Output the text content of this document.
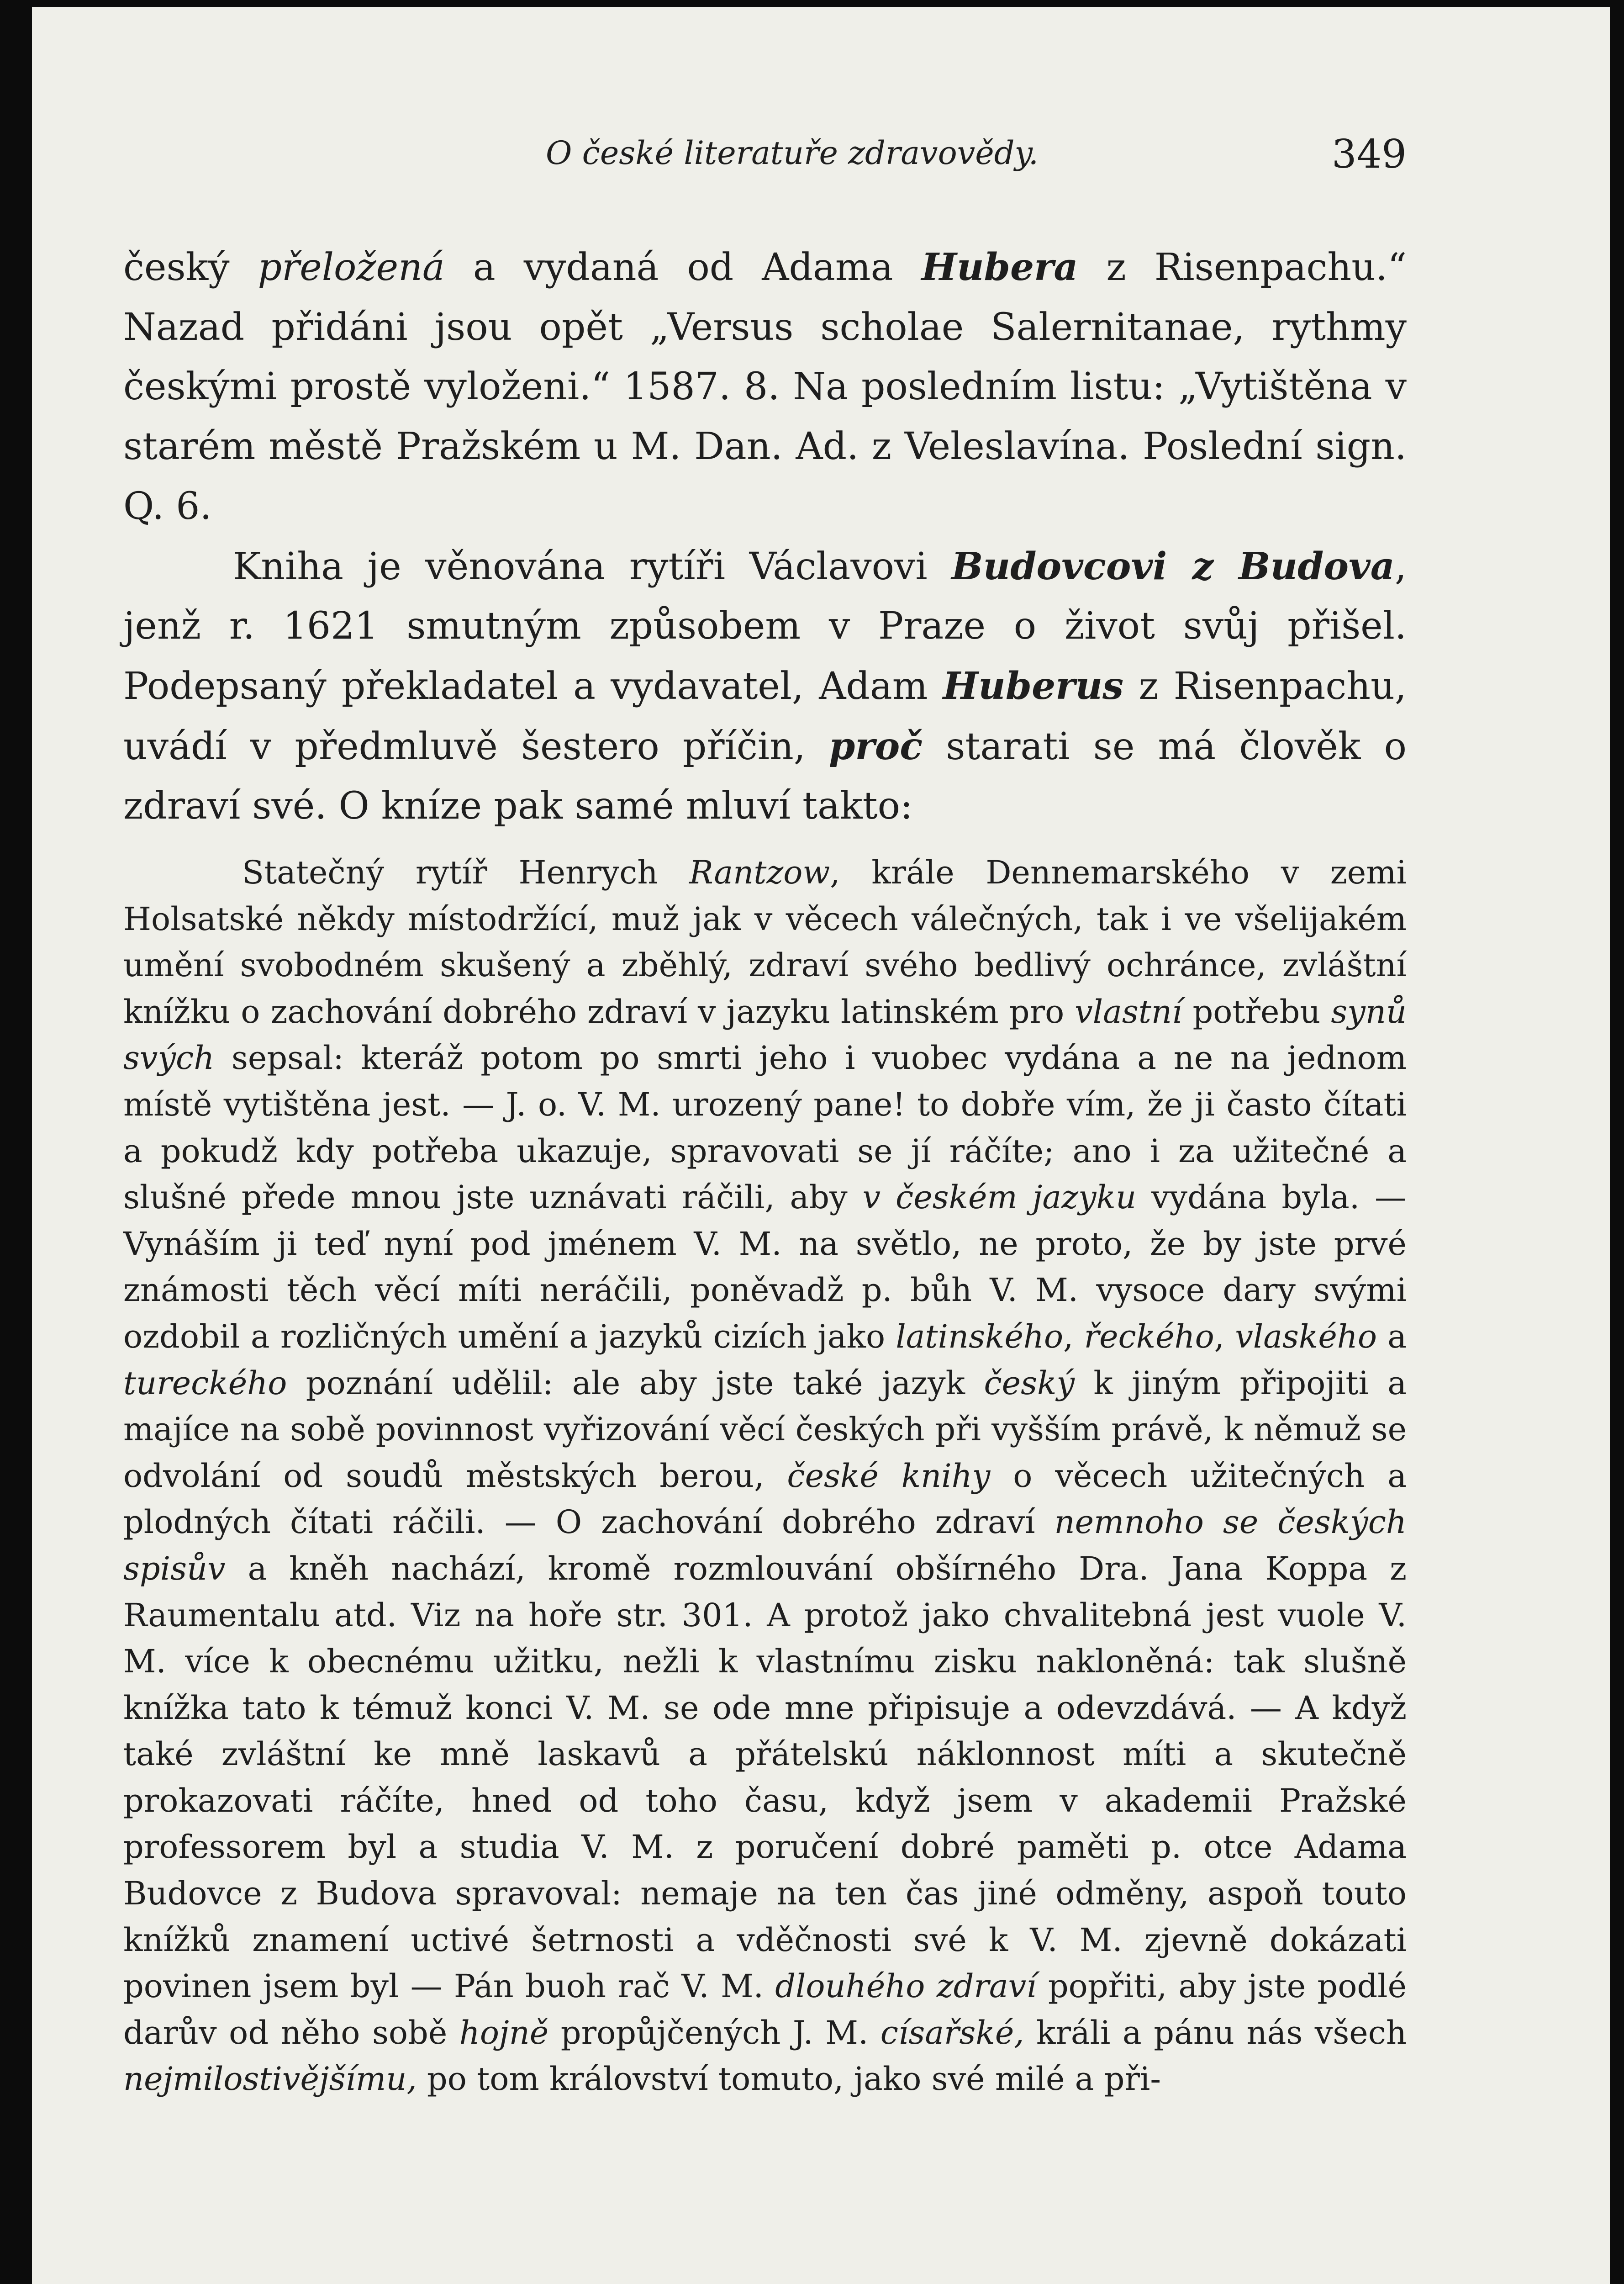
O české literatuře zdravovědy.	349

český přeložená a vydaná od Adama Hubera z Risenpachu.“ Nazad přidáni jsou opět „Versus scholae Salernitanae, rythmy českými prostě vyloženi.“ 1587. 8. Na posledním listu: „Vytištěna v starém městě Pražském u M. Dan. Ad. z Veleslavína. Poslední sign. Q. 6.

Kniha je věnována rytíři Václavovi Budovcovi z Budova, jenž r. 1621 smutným způsobem v Praze o život svůj přišel. Podepsaný překladatel a vydavatel, Adam Huberus z Risenpachu, uvádí v předmluvě šestero příčin, proč starati se má člověk o zdraví své. O kníze pak samé mluví takto:

Statečný rytíř Henrych Rantzow, krále Dennemarského v zemi Holsatské někdy místodržící, muž jak v věcech válečných, tak i ve všelijakém umění svobodném skušený a zběhlý, zdraví svého bedlivý ochránce, zvláštní knížku o zachování dobrého zdraví v jazyku latinském pro vlastní potřebu synů svých sepsal: kteráž potom po smrti jeho i vuobec vydána a ne na jednom místě vytištěna jest. — J. o. V. M. urozený pane! to dobře vím, že ji často čítati a pokudž kdy potřeba ukazuje, spravovati se jí ráčíte; ano i za užitečné a slušné přede mnou jste uznávati ráčili, aby v českém jazyku vydána byla. — Vynáším ji teď nyní pod jménem V. M. na světlo, ne proto, že by jste prvé známosti těch věcí míti neráčili, poněvadž p. bůh V. M. vysoce dary svými ozdobil a rozličných umění a jazyků cizích jako latinského, řeckého, vlaského a tureckého poznání udělil: ale aby jste také jazyk český k jiným připojiti a majíce na sobě povinnost vyřizování věcí českých při vyšším právě, k němuž se odvolání od soudů městských berou, české knihy o věcech užitečných a plodných čítati ráčili. — O zachování dobrého zdraví nemnoho se českých spisův a kněh nachází, kromě rozmlouvání obšírného Dra. Jana Koppa z Raumentalu atd. Viz na hoře str. 301. A protož jako chvalitebná jest vuole V. M. více k obecnému užitku, nežli k vlastnímu zisku nakloněná: tak slušně knížka tato k témuž konci V. M. se ode mne připisuje a odevzdává. — A když také zvláštní ke mně laskavů a přátelskú náklonnost míti a skutečně prokazovati ráčíte, hned od toho času, když jsem v akademii Pražské professorem byl a studia V. M. z poručení dobré paměti p. otce Adama Budovce z Budova spravoval: nemaje na ten čas jiné odměny, aspoň touto knížků znamení uctivé šetrnosti a vděčnosti své k V. M. zjevně dokázati povinen jsem byl — Pán buoh rač V. M. dlouhého zdraví popřiti, aby jste podlé darův od něho sobě hojně propůjčených J. M. císařské, králi a pánu nás všech nejmilostivějšímu, po tom království tomuto, jako své milé a při-
